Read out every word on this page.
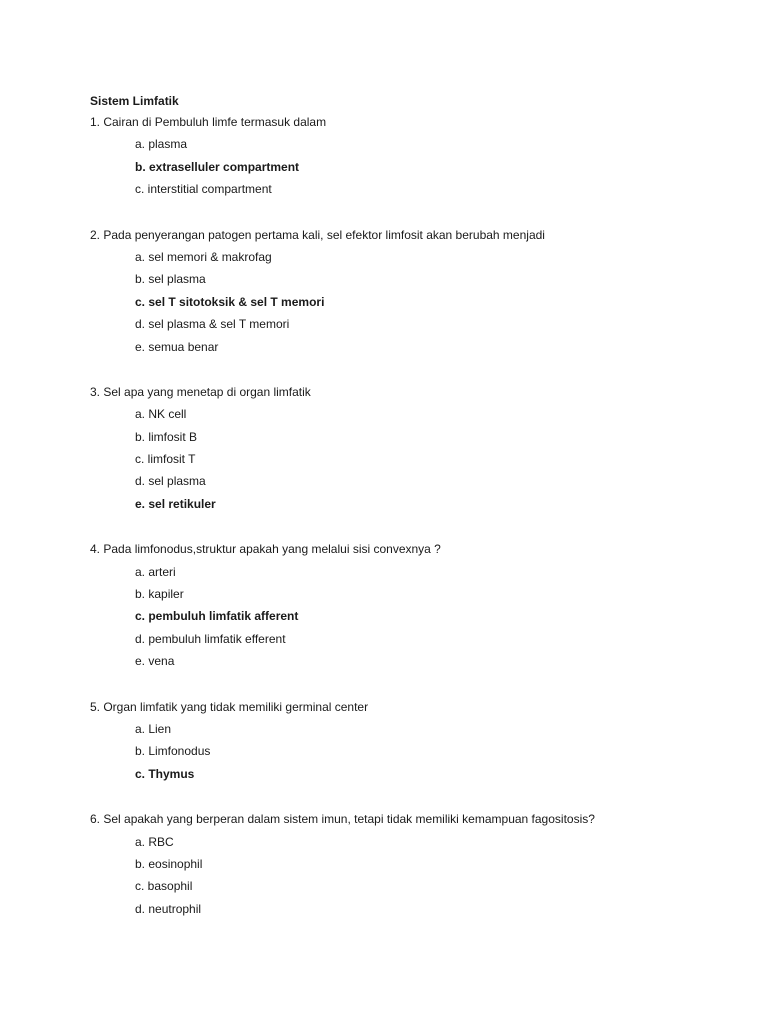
Sistem Limfatik
1. Cairan di Pembuluh limfe termasuk dalam
a. plasma
b. extraselluler compartment
c. interstitial compartment
2. Pada penyerangan patogen pertama kali, sel efektor limfosit akan berubah menjadi
a. sel memori & makrofag
b. sel plasma
c. sel T sitotoksik & sel T memori
d. sel plasma & sel T memori
e. semua benar
3. Sel apa yang menetap di organ limfatik
a. NK cell
b. limfosit B
c. limfosit T
d. sel plasma
e. sel retikuler
4. Pada limfonodus,struktur apakah yang melalui sisi convexnya ?
a. arteri
b. kapiler
c. pembuluh limfatik afferent
d. pembuluh limfatik efferent
e. vena
5. Organ limfatik yang tidak memiliki germinal center
a. Lien
b. Limfonodus
c. Thymus
6. Sel apakah yang berperan dalam sistem imun, tetapi tidak memiliki kemampuan fagositosis?
a. RBC
b. eosinophil
c. basophil
d. neutrophil
